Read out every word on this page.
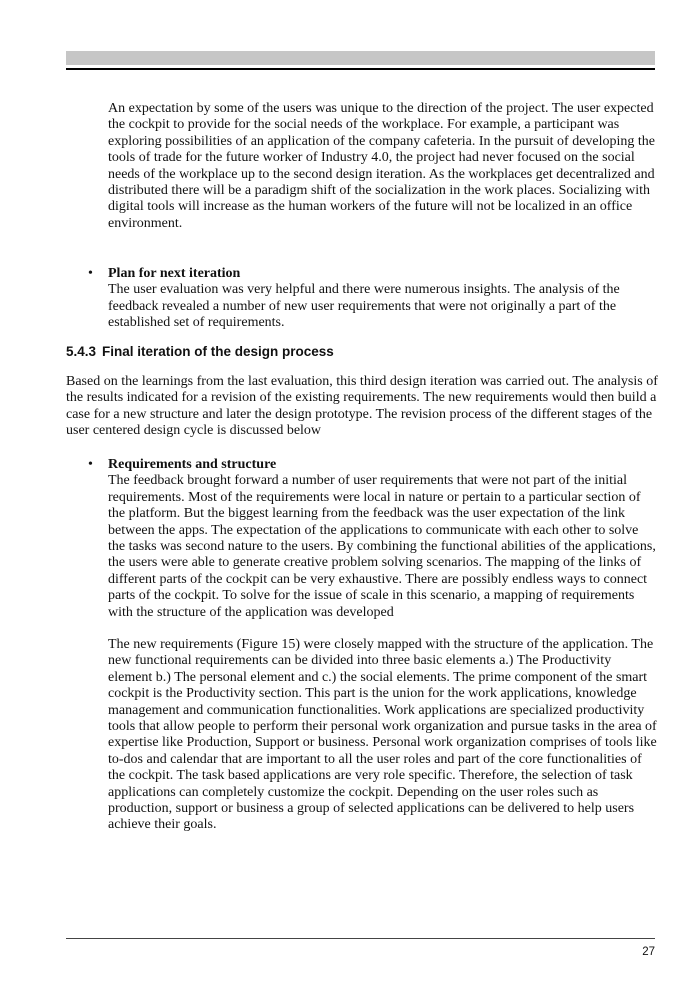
An expectation by some of the users was unique to the direction of the project. The user expected the cockpit to provide for the social needs of the workplace. For example, a participant was exploring possibilities of an application of the company cafeteria. In the pursuit of developing the tools of trade for the future worker of Industry 4.0, the project had never focused on the social needs of the workplace up to the second design iteration. As the workplaces get decentralized and distributed there will be a paradigm shift of the socialization in the work places. Socializing with digital tools will increase as the human workers of the future will not be localized in an office environment.

• Plan for next iteration
The user evaluation was very helpful and there were numerous insights. The analysis of the feedback revealed a number of new user requirements that were not originally a part of the established set of requirements.
5.4.3 Final iteration of the design process

Based on the learnings from the last evaluation, this third design iteration was carried out. The analysis of the results indicated for a revision of the existing requirements. The new requirements would then build a case for a new structure and later the design prototype. The revision process of the different stages of the user centered design cycle is discussed below

• Requirements and structure
The feedback brought forward a number of user requirements that were not part of the initial requirements. Most of the requirements were local in nature or pertain to a particular section of the platform. But the biggest learning from the feedback was the user expectation of the link between the apps. The expectation of the applications to communicate with each other to solve the tasks was second nature to the users. By combining the functional abilities of the applications, the users were able to generate creative problem solving scenarios. The mapping of the links of different parts of the cockpit can be very exhaustive. There are possibly endless ways to connect parts of the cockpit. To solve for the issue of scale in this scenario, a mapping of requirements with the structure of the application was developed

The new requirements (Figure 15) were closely mapped with the structure of the application. The new functional requirements can be divided into three basic elements a.) The Productivity element b.) The personal element and c.) the social elements. The prime component of the smart cockpit is the Productivity section. This part is the union for the work applications, knowledge management and communication functionalities. Work applications are specialized productivity tools that allow people to perform their personal work organization and pursue tasks in the area of expertise like Production, Support or business. Personal work organization comprises of tools like to-dos and calendar that are important to all the user roles and part of the core functionalities of the cockpit. The task based applications are very role specific. Therefore, the selection of task applications can completely customize the cockpit. Depending on the user roles such as production, support or business a group of selected applications can be delivered to help users achieve their goals.

27
